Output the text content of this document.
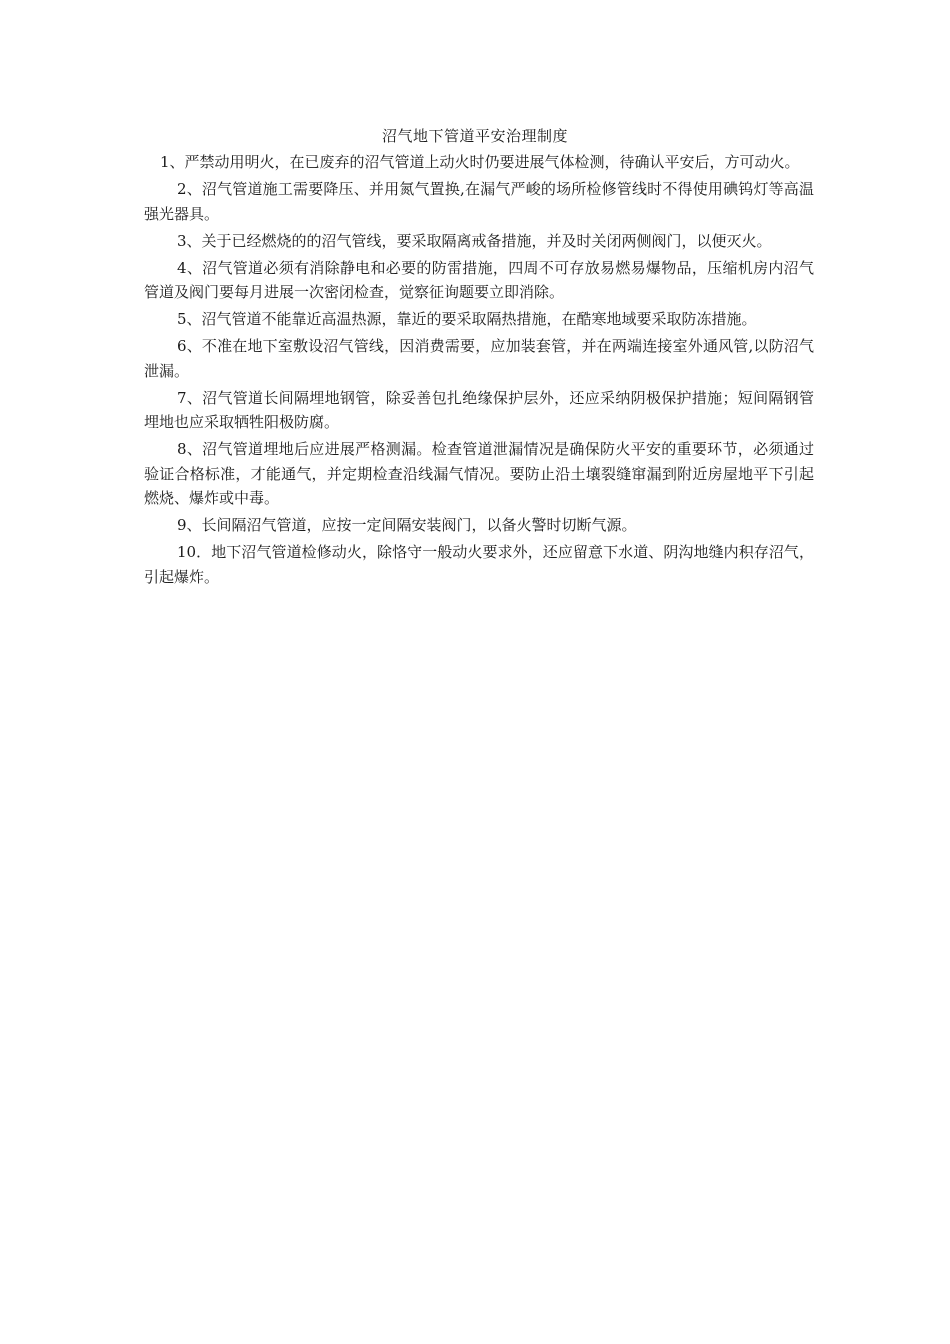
沼气地下管道平安治理制度

1、严禁动用明火，在已废弃的沼气管道上动火时仍要进展气体检测，待确认平安后，方可动火。

2、沼气管道施工需要降压、并用氮气置换,在漏气严峻的场所检修管线时不得使用碘钨灯等高温强光器具。

3、关于已经燃烧的的沼气管线，要采取隔离戒备措施，并及时关闭两侧阀门，以便灭火。

4、沼气管道必须有消除静电和必要的防雷措施，四周不可存放易燃易爆物品，压缩机房内沼气管道及阀门要每月进展一次密闭检查，觉察征询题要立即消除。

5、沼气管道不能靠近高温热源，靠近的要采取隔热措施，在酷寒地域要采取防冻措施。

6、不准在地下室敷设沼气管线，因消费需要，应加装套管，并在两端连接室外通风管,以防沼气泄漏。

7、沼气管道长间隔埋地钢管，除妥善包扎绝缘保护层外，还应采纳阴极保护措施；短间隔钢管埋地也应采取牺牲阳极防腐。

8、沼气管道埋地后应进展严格测漏。检查管道泄漏情况是确保防火平安的重要环节，必须通过验证合格标准，才能通气，并定期检查沿线漏气情况。要防止沿土壤裂缝窜漏到附近房屋地平下引起燃烧、爆炸或中毒。

9、长间隔沼气管道，应按一定间隔安装阀门，以备火警时切断气源。

10．地下沼气管道检修动火，除恪守一般动火要求外，还应留意下水道、阴沟地缝内积存沼气，引起爆炸。
